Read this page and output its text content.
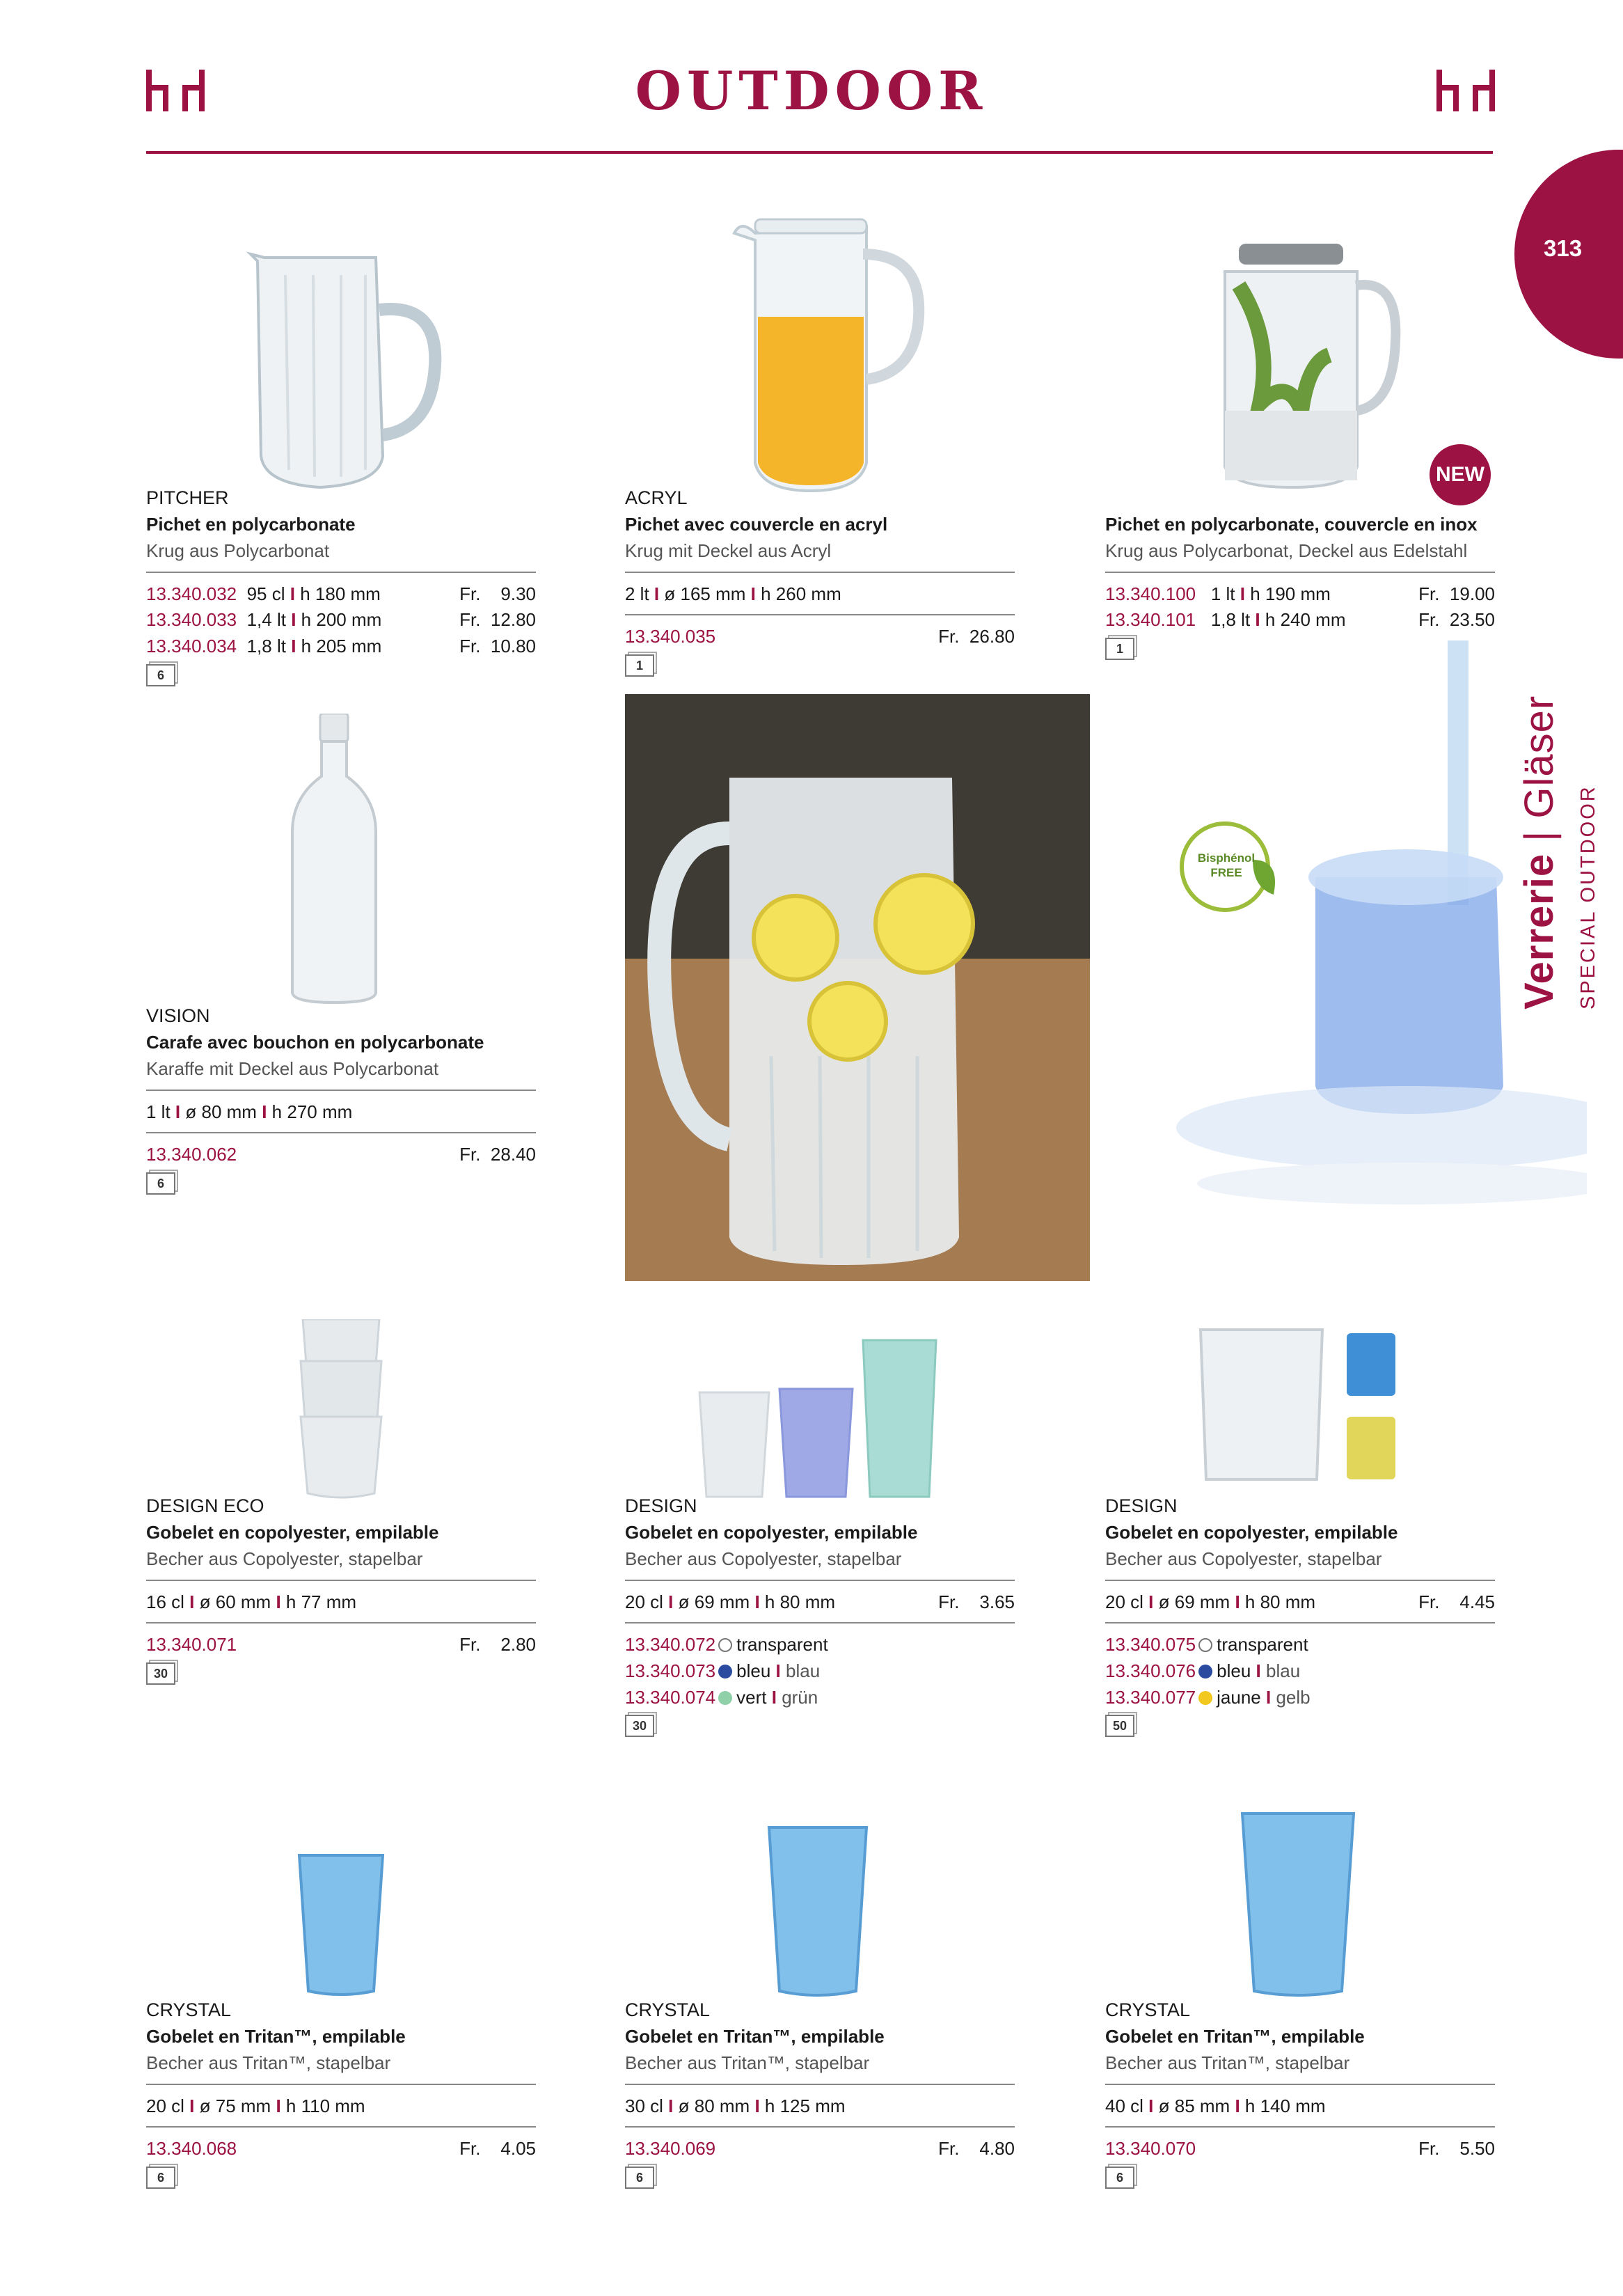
OUTDOOR
313
Verrerie | Gläser
SPECIAL OUTDOOR
NEW
Bisphénol
FREE
PITCHER
Pichet en polycarbonate
Krug aus Polycarbonat
13.340.032 95 cl I h 180 mm	Fr. 9.30
13.340.033 1,4 lt I h 200 mm	Fr. 12.80
13.340.034 1,8 lt I h 205 mm	Fr. 10.80
6
ACRYL
Pichet avec couvercle en acryl
Krug mit Deckel aus Acryl
2 lt I ø 165 mm I h 260 mm
13.340.035	Fr. 26.80
1

Pichet en polycarbonate, couvercle en inox
Krug aus Polycarbonat, Deckel aus Edelstahl
13.340.100 1 lt I h 190 mm	Fr. 19.00
13.340.101 1,8 lt I h 240 mm	Fr. 23.50
1
VISION
Carafe avec bouchon en polycarbonate
Karaffe mit Deckel aus Polycarbonat
1 lt I ø 80 mm I h 270 mm
13.340.062	Fr. 28.40
6
DESIGN ECO
Gobelet en copolyester, empilable
Becher aus Copolyester, stapelbar
16 cl I ø 60 mm I h 77 mm
13.340.071	Fr. 2.80
30
DESIGN
Gobelet en copolyester, empilable
Becher aus Copolyester, stapelbar
20 cl I ø 69 mm I h 80 mm	Fr. 3.65
13.340.072 transparent
13.340.073 bleu I blau
13.340.074 vert I grün
30
DESIGN
Gobelet en copolyester, empilable
Becher aus Copolyester, stapelbar
20 cl I ø 69 mm I h 80 mm	Fr. 4.45
13.340.075 transparent
13.340.076 bleu I blau
13.340.077 jaune I gelb
50
CRYSTAL
Gobelet en Tritan™, empilable
Becher aus Tritan™, stapelbar
20 cl I ø 75 mm I h 110 mm
13.340.068	Fr. 4.05
6
CRYSTAL
Gobelet en Tritan™, empilable
Becher aus Tritan™, stapelbar
30 cl I ø 80 mm I h 125 mm
13.340.069	Fr. 4.80
6
CRYSTAL
Gobelet en Tritan™, empilable
Becher aus Tritan™, stapelbar
40 cl I ø 85 mm I h 140 mm
13.340.070	Fr. 5.50
6
